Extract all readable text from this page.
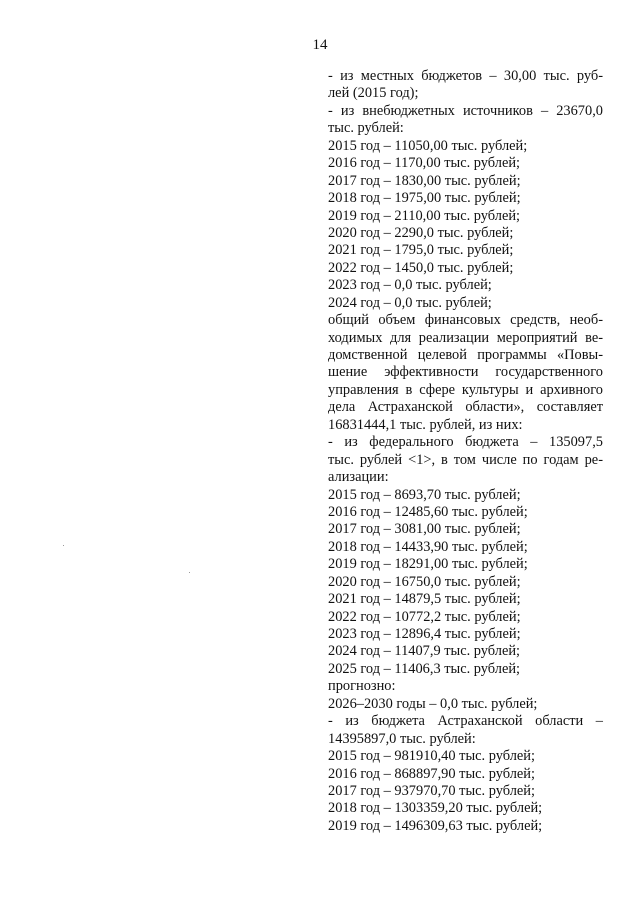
14
- из местных бюджетов – 30,00 тыс. руб-
лей (2015 год);
- из внебюджетных источников – 23670,0
тыс. рублей:
2015 год – 11050,00 тыс. рублей;
2016 год – 1170,00 тыс. рублей;
2017 год – 1830,00 тыс. рублей;
2018 год – 1975,00 тыс. рублей;
2019 год – 2110,00 тыс. рублей;
2020 год – 2290,0 тыс. рублей;
2021 год – 1795,0 тыс. рублей;
2022 год – 1450,0 тыс. рублей;
2023 год – 0,0 тыс. рублей;
2024 год – 0,0 тыс. рублей;
общий объем финансовых средств, необ-
ходимых для реализации мероприятий ве-
домственной целевой программы «Повы-
шение эффективности государственного
управления в сфере культуры и архивного
дела Астраханской области», составляет
16831444,1 тыс. рублей, из них:
- из федерального бюджета – 135097,5
тыс. рублей <1>, в том числе по годам ре-
ализации:
2015 год – 8693,70 тыс. рублей;
2016 год – 12485,60 тыс. рублей;
2017 год – 3081,00 тыс. рублей;
2018 год – 14433,90 тыс. рублей;
2019 год – 18291,00 тыс. рублей;
2020 год – 16750,0 тыс. рублей;
2021 год – 14879,5 тыс. рублей;
2022 год – 10772,2 тыс. рублей;
2023 год – 12896,4 тыс. рублей;
2024 год – 11407,9 тыс. рублей;
2025 год – 11406,3 тыс. рублей;
прогнозно:
2026–2030 годы – 0,0 тыс. рублей;
- из бюджета Астраханской области –
14395897,0 тыс. рублей:
2015 год – 981910,40 тыс. рублей;
2016 год – 868897,90 тыс. рублей;
2017 год – 937970,70 тыс. рублей;
2018 год – 1303359,20 тыс. рублей;
2019 год – 1496309,63 тыс. рублей;
